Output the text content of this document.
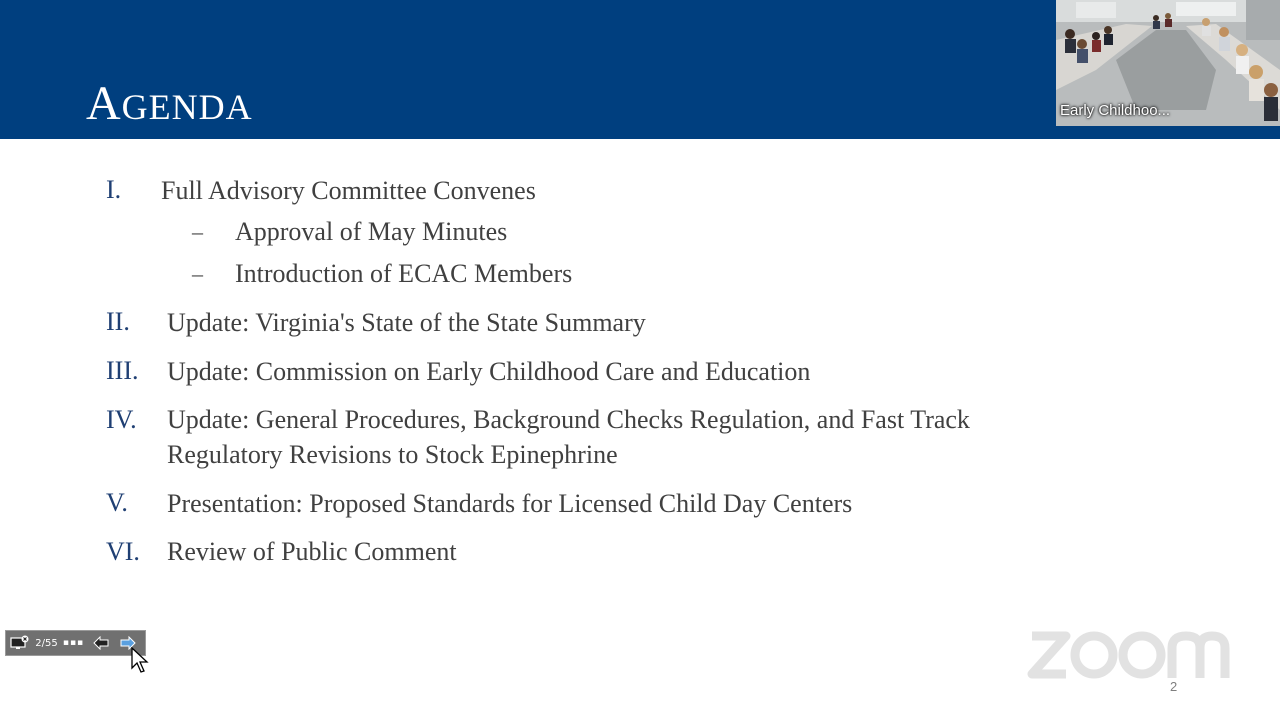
AGENDA
I. Full Advisory Committee Convenes
– Approval of May Minutes
– Introduction of ECAC Members
II. Update: Virginia's State of the State Summary
III. Update: Commission on Early Childhood Care and Education
IV. Update: General Procedures, Background Checks Regulation, and Fast Track
Regulatory Revisions to Stock Epinephrine
V. Presentation: Proposed Standards for Licensed Child Day Centers
VI. Review of Public Comment
Early Childhoo...
2/55 ▪▪▪
2
